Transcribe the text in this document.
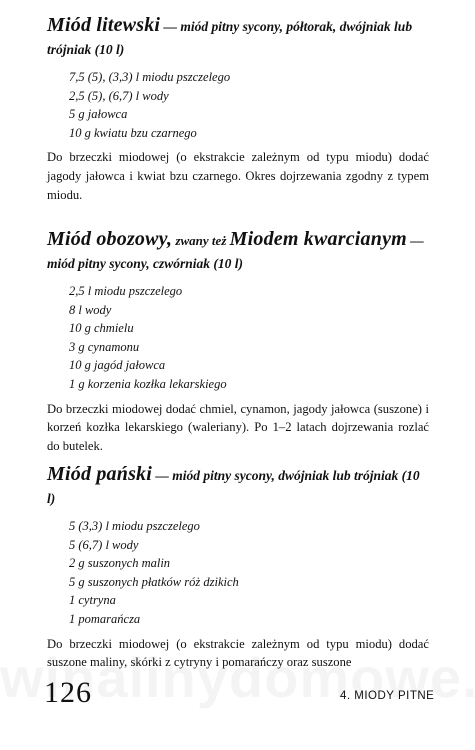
Miód litewski — miód pitny sycony, półtorak, dwójniak lub trójniak (10 l)
7,5 (5), (3,3) l miodu pszczelego
2,5 (5), (6,7) l wody
5 g jałowca
10 g kwiatu bzu czarnego

Do brzeczki miodowej (o ekstrakcie zależnym od typu miodu) dodać jagody jałowca i kwiat bzu czarnego. Okres dojrzewania zgodny z typem miodu.

Miód obozowy, zwany też Miodem kwarcianym — miód pitny sycony, czwórniak (10 l)
2,5 l miodu pszczelego
8 l wody
10 g chmielu
3 g cynamonu
10 g jagód jałowca
1 g korzenia kozłka lekarskiego

Do brzeczki miodowej dodać chmiel, cynamon, jagody jałowca (suszone) i korzeń kozłka lekarskiego (waleriany). Po 1–2 latach dojrzewania rozlać do butelek.

Miód pański — miód pitny sycony, dwójniak lub trójniak (10 l)
5 (3,3) l miodu pszczelego
5 (6,7) l wody
2 g suszonych malin
5 g suszonych płatków róż dzikich
1 cytryna
1 pomarańcza

Do brzeczki miodowej (o ekstrakcie zależnym od typu miodu) dodać suszone maliny, skórki z cytryny i pomarańczy oraz suszone

126	4. MIODY PITNE
